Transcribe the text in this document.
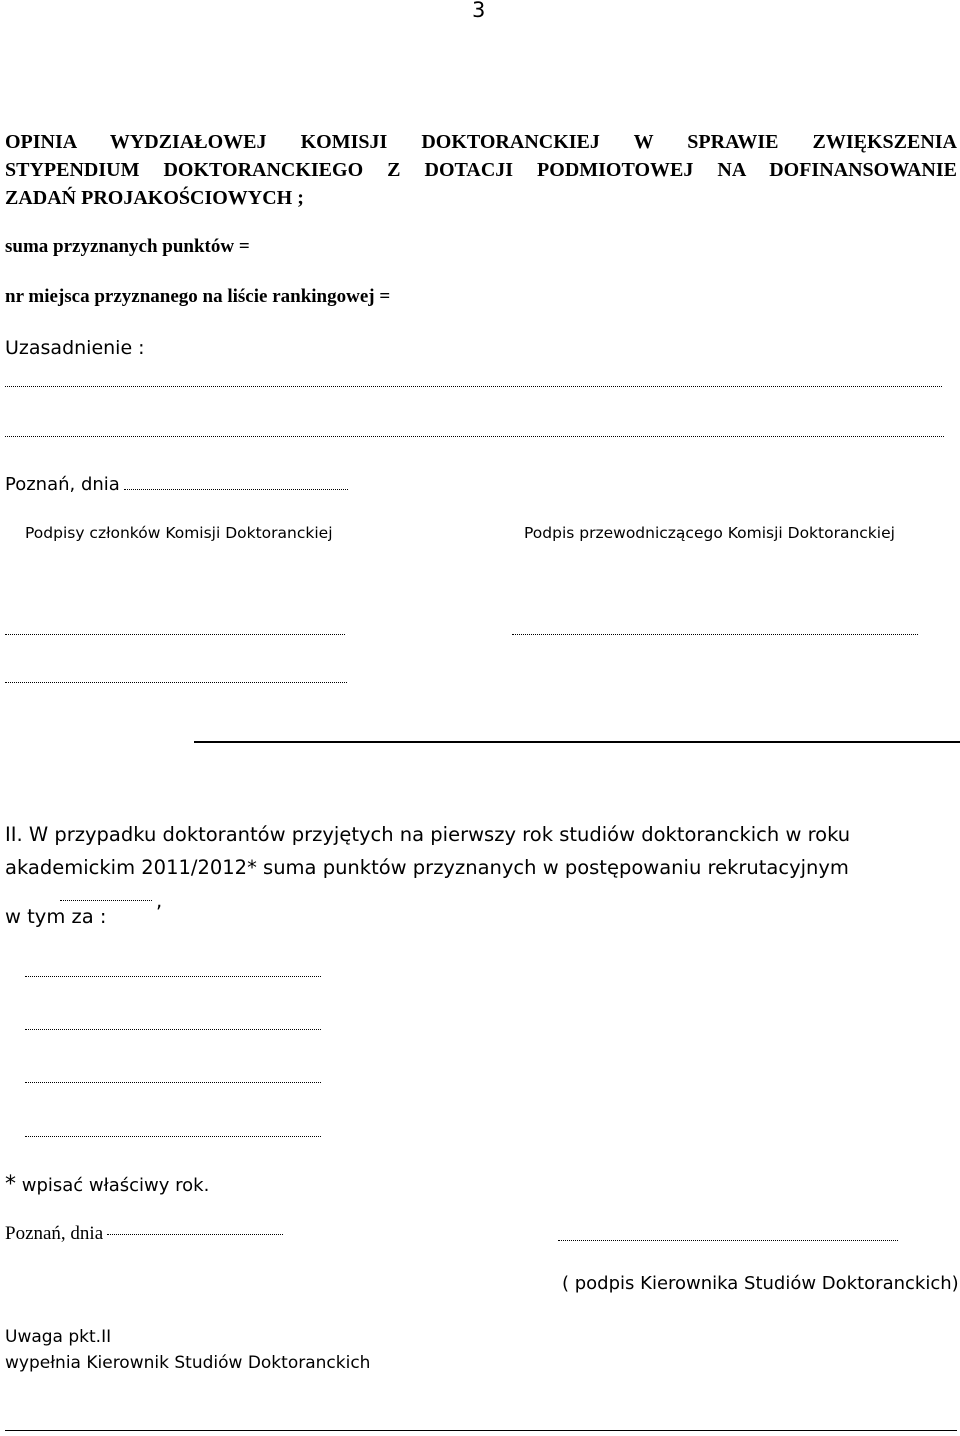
3
OPINIA WYDZIAŁOWEJ KOMISJI DOKTORANCKIEJ W SPRAWIE ZWIĘKSZENIA
STYPENDIUM DOKTORANCKIEGO Z DOTACJI PODMIOTOWEJ NA DOFINANSOWANIE
ZADAŃ PROJAKOŚCIOWYCH ;
suma przyznanych punktów =
nr miejsca przyznanego na liście rankingowej =
Uzasadnienie :
Poznań, dnia
Podpisy członków Komisji Doktoranckiej	Podpis przewodniczącego Komisji Doktoranckiej
II. W przypadku doktorantów przyjętych na pierwszy rok studiów doktoranckich w roku akademickim 2011/2012* suma punktów przyznanych w postępowaniu rekrutacyjnym,
w tym za :
* wpisać właściwy rok.
Poznań, dnia
( podpis Kierownika Studiów Doktoranckich)
Uwaga pkt.II
wypełnia Kierownik Studiów Doktoranckich
